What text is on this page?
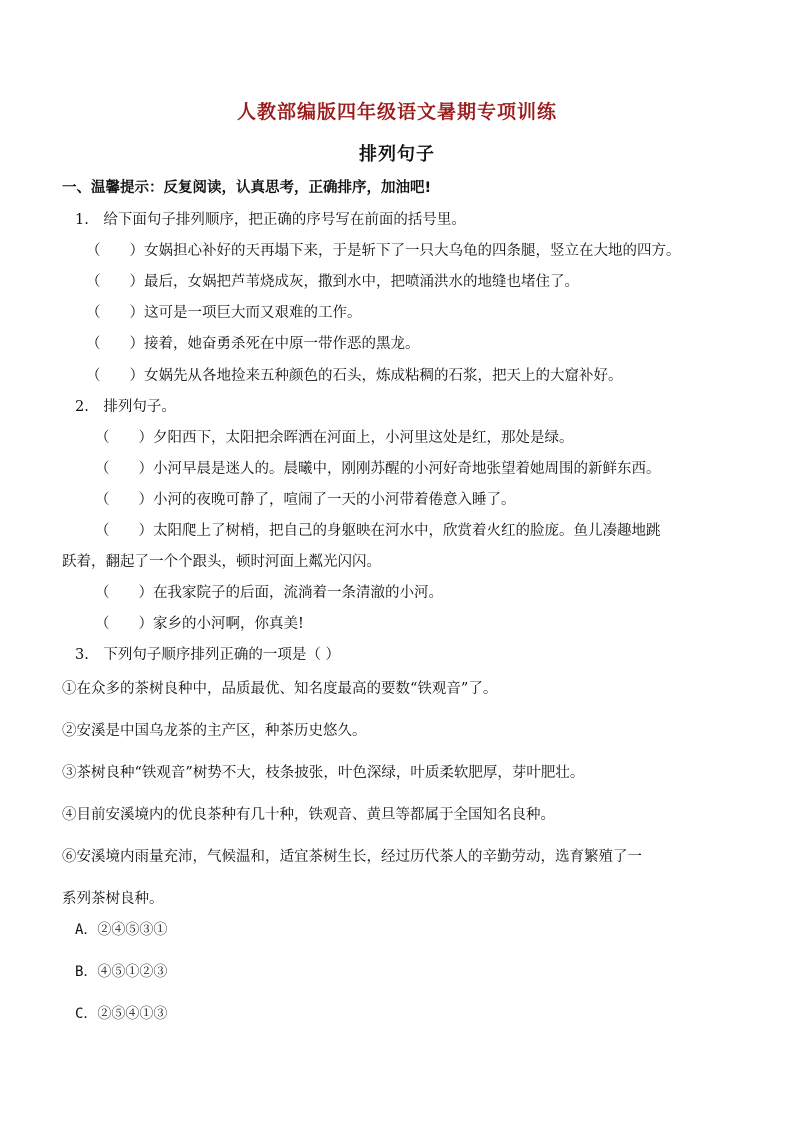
人教部编版四年级语文暑期专项训练
排列句子
一、温馨提示：反复阅读，认真思考，正确排序，加油吧!
1.　给下面句子排列顺序，把正确的序号写在前面的括号里。
（　　）女娲担心补好的天再塌下来，于是斩下了一只大乌龟的四条腿，竖立在大地的四方。
（　　）最后，女娲把芦苇烧成灰，撒到水中，把喷涌洪水的地缝也堵住了。
（　　）这可是一项巨大而又艰难的工作。
（　　）接着，她奋勇杀死在中原一带作恶的黑龙。
（　　）女娲先从各地捡来五种颜色的石头，炼成粘稠的石浆，把天上的大窟补好。
2.　排列句子。
（　　）夕阳西下，太阳把余晖洒在河面上，小河里这处是红，那处是绿。
（　　）小河早晨是迷人的。晨曦中，刚刚苏醒的小河好奇地张望着她周围的新鲜东西。
（　　）小河的夜晚可静了，喧闹了一天的小河带着倦意入睡了。
（　　）太阳爬上了树梢，把自己的身躯映在河水中，欣赏着火红的脸庞。鱼儿凑趣地跳
跃着，翻起了一个个跟头，顿时河面上粼光闪闪。
（　　）在我家院子的后面，流淌着一条清澈的小河。
（　　）家乡的小河啊，你真美!
3.　下列句子顺序排列正确的一项是（ ）
①在众多的茶树良种中，品质最优、知名度最高的要数“铁观音”了。
②安溪是中国乌龙茶的主产区，种茶历史悠久。
③茶树良种“铁观音”树势不大，枝条披张，叶色深绿，叶质柔软肥厚，芽叶肥壮。
④目前安溪境内的优良茶种有几十种，铁观音、黄旦等都属于全国知名良种。
⑥安溪境内雨量充沛，气候温和，适宜茶树生长，经过历代茶人的辛勤劳动，选育繁殖了一
系列茶树良种。
A．②④⑤③①
B．④⑤①②③
C．②⑤④①③
